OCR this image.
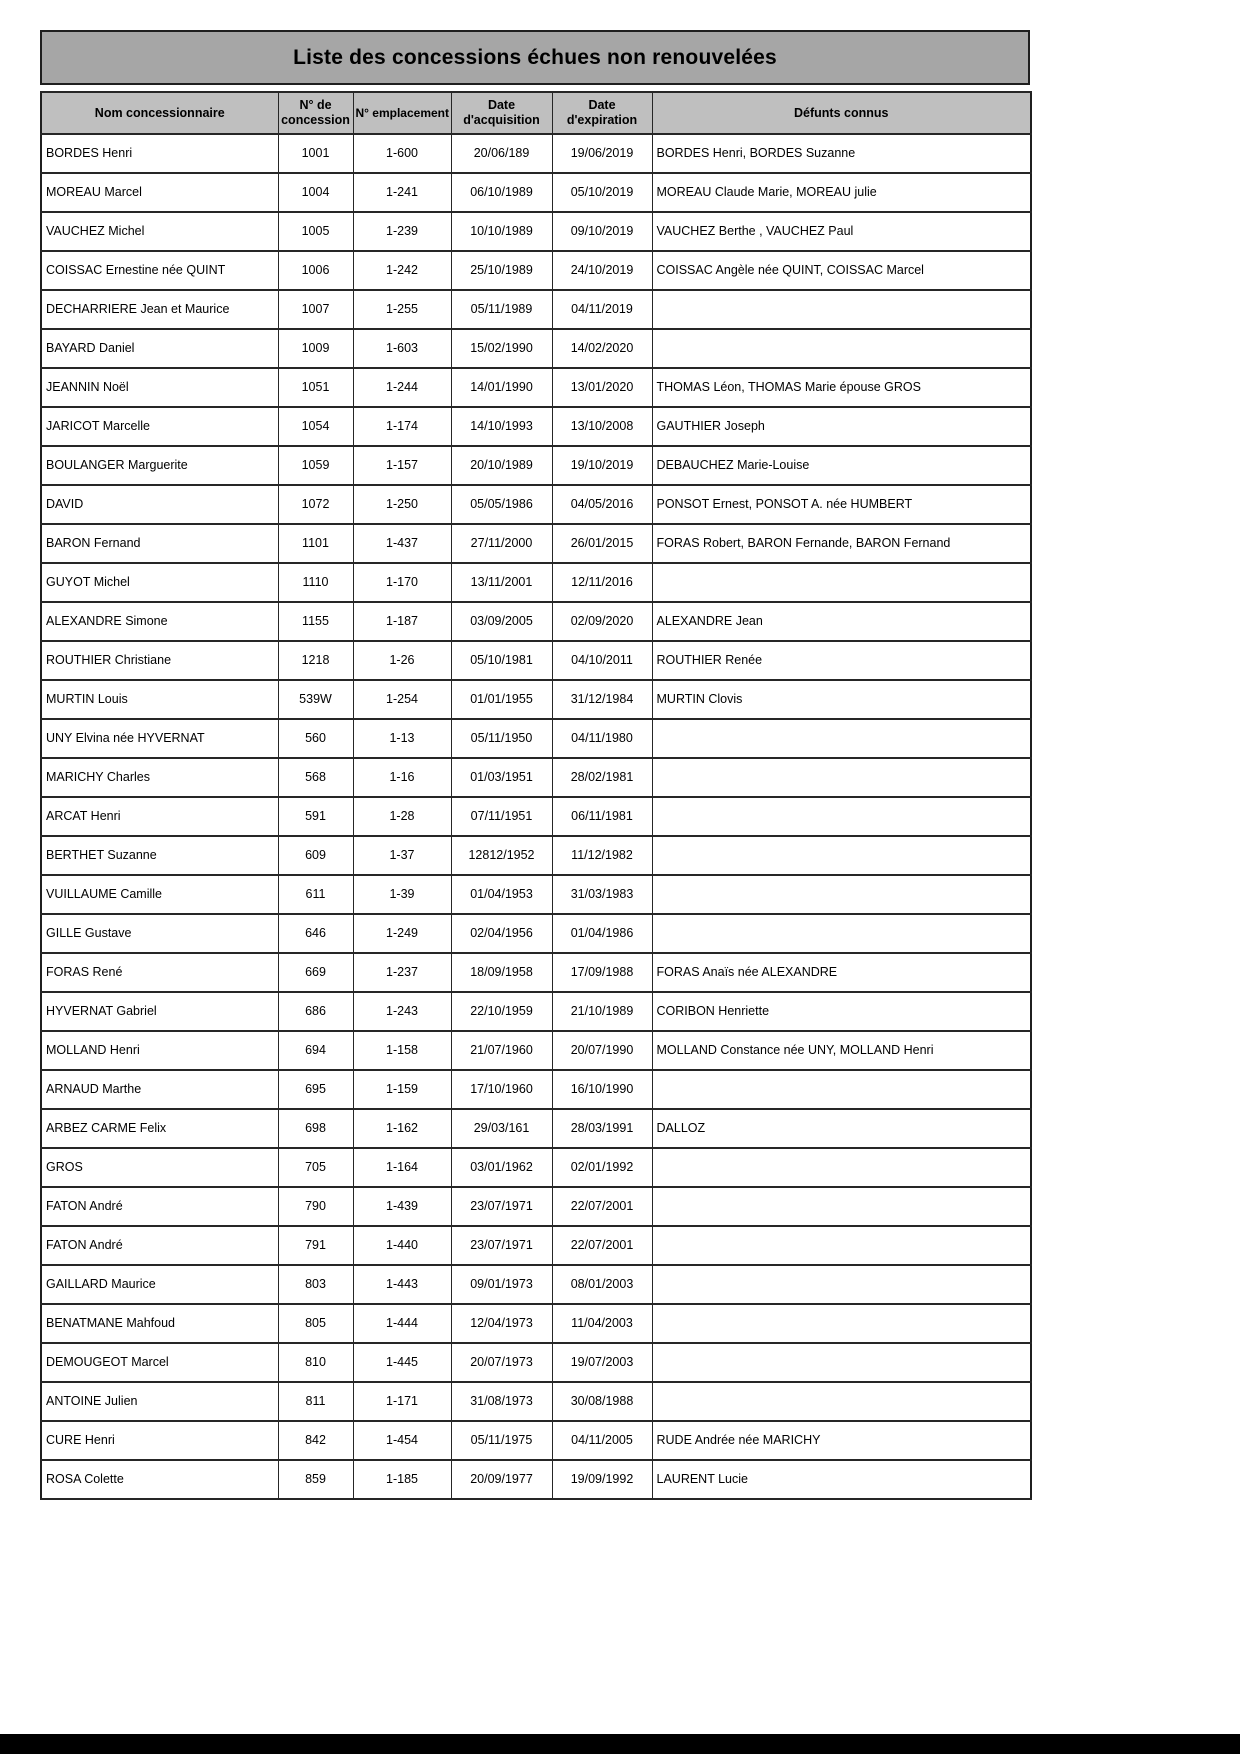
Liste des concessions échues non renouvelées
Nom concessionnaire	N° de concession	N° emplacement	Date d'acquisition	Date d'expiration	Défunts connus
BORDES Henri	1001	1-600	20/06/189	19/06/2019	BORDES Henri, BORDES Suzanne
MOREAU Marcel	1004	1-241	06/10/1989	05/10/2019	MOREAU Claude Marie, MOREAU julie
VAUCHEZ Michel	1005	1-239	10/10/1989	09/10/2019	VAUCHEZ Berthe , VAUCHEZ Paul
COISSAC Ernestine née QUINT	1006	1-242	25/10/1989	24/10/2019	COISSAC Angèle née QUINT, COISSAC Marcel
DECHARRIERE Jean et Maurice	1007	1-255	05/11/1989	04/11/2019	
BAYARD Daniel	1009	1-603	15/02/1990	14/02/2020	
JEANNIN Noël	1051	1-244	14/01/1990	13/01/2020	THOMAS Léon, THOMAS Marie épouse GROS
JARICOT Marcelle	1054	1-174	14/10/1993	13/10/2008	GAUTHIER Joseph
BOULANGER Marguerite	1059	1-157	20/10/1989	19/10/2019	DEBAUCHEZ Marie-Louise
DAVID	1072	1-250	05/05/1986	04/05/2016	PONSOT Ernest, PONSOT A. née HUMBERT
BARON Fernand	1101	1-437	27/11/2000	26/01/2015	FORAS Robert, BARON Fernande, BARON Fernand
GUYOT Michel	1110	1-170	13/11/2001	12/11/2016	
ALEXANDRE Simone	1155	1-187	03/09/2005	02/09/2020	ALEXANDRE Jean
ROUTHIER Christiane	1218	1-26	05/10/1981	04/10/2011	ROUTHIER Renée
MURTIN Louis	539W	1-254	01/01/1955	31/12/1984	MURTIN Clovis
UNY Elvina née HYVERNAT	560	1-13	05/11/1950	04/11/1980	
MARICHY Charles	568	1-16	01/03/1951	28/02/1981	
ARCAT Henri	591	1-28	07/11/1951	06/11/1981	
BERTHET Suzanne	609	1-37	12812/1952	11/12/1982	
VUILLAUME Camille	611	1-39	01/04/1953	31/03/1983	
GILLE Gustave	646	1-249	02/04/1956	01/04/1986	
FORAS René	669	1-237	18/09/1958	17/09/1988	FORAS Anaïs née ALEXANDRE
HYVERNAT Gabriel	686	1-243	22/10/1959	21/10/1989	CORIBON Henriette
MOLLAND Henri	694	1-158	21/07/1960	20/07/1990	MOLLAND Constance née UNY, MOLLAND Henri
ARNAUD Marthe	695	1-159	17/10/1960	16/10/1990	
ARBEZ CARME Felix	698	1-162	29/03/161	28/03/1991	DALLOZ
GROS	705	1-164	03/01/1962	02/01/1992	
FATON André	790	1-439	23/07/1971	22/07/2001	
FATON André	791	1-440	23/07/1971	22/07/2001	
GAILLARD Maurice	803	1-443	09/01/1973	08/01/2003	
BENATMANE Mahfoud	805	1-444	12/04/1973	11/04/2003	
DEMOUGEOT Marcel	810	1-445	20/07/1973	19/07/2003	
ANTOINE Julien	811	1-171	31/08/1973	30/08/1988	
CURE Henri	842	1-454	05/11/1975	04/11/2005	RUDE Andrée née MARICHY
ROSA Colette	859	1-185	20/09/1977	19/09/1992	LAURENT Lucie
